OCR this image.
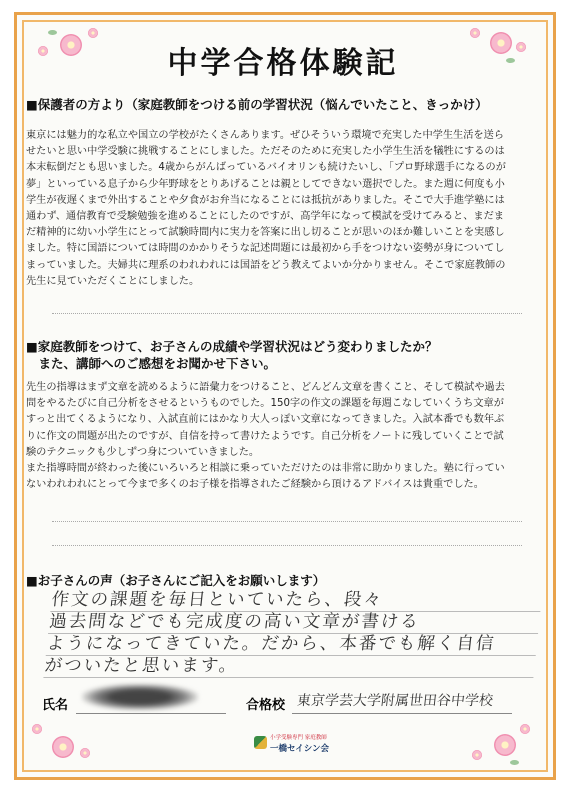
中学合格体験記
■保護者の方より（家庭教師をつける前の学習状況（悩んでいたこと、きっかけ）
東京には魅力的な私立や国立の学校がたくさんあります。ぜひそういう環境で充実した中学生生活を送ら
せたいと思い中学受験に挑戦することにしました。ただそのために充実した小学生生活を犠牲にするのは
本末転倒だとも思いました。4歳からがんばっているバイオリンも続けたいし、「プロ野球選手になるのが
夢」といっている息子から少年野球をとりあげることは親としてできない選択でした。また週に何度も小
学生が夜遅くまで外出することや夕食がお弁当になることには抵抗がありました。そこで大手進学塾には
通わず、通信教育で受験勉強を進めることにしたのですが、高学年になって模試を受けてみると、まだま
だ精神的に幼い小学生にとって試験時間内に実力を答案に出し切ることが思いのほか難しいことを実感し
ました。特に国語については時間のかかりそうな記述問題には最初から手をつけない姿勢が身についてし
まっていました。夫婦共に理系のわれわれには国語をどう教えてよいか分かりません。そこで家庭教師の
先生に見ていただくことにしました。
■家庭教師をつけて、お子さんの成績や学習状況はどう変わりましたか？
　また、講師へのご感想をお聞かせ下さい。
先生の指導はまず文章を読めるように語彙力をつけること、どんどん文章を書くこと、そして模試や過去
問をやるたびに自己分析をさせるというものでした。150字の作文の課題を毎週こなしていくうち文章が
すっと出てくるようになり、入試直前にはかなり大人っぽい文章になってきました。入試本番でも数年ぶ
りに作文の問題が出たのですが、自信を持って書けたようです。自己分析をノートに残していくことで試
験のテクニックも少しずつ身についていきました。
また指導時間が終わった後にいろいろと相談に乗っていただけたのは非常に助かりました。塾に行ってい
ないわれわれにとって今まで多くのお子様を指導されたご経験から頂けるアドバイスは貴重でした。
■お子さんの声（お子さんにご記入をお願いします）
作文の課題を毎日といていたら、段々
過去問などでも完成度の高い文章が書ける
ようになってきていた。だから、本番でも解く自信
がついたと思います。
氏名	合格校 東京学芸大学附属世田谷中学校
小学受験専門 家庭教師
一橋セイシン会
